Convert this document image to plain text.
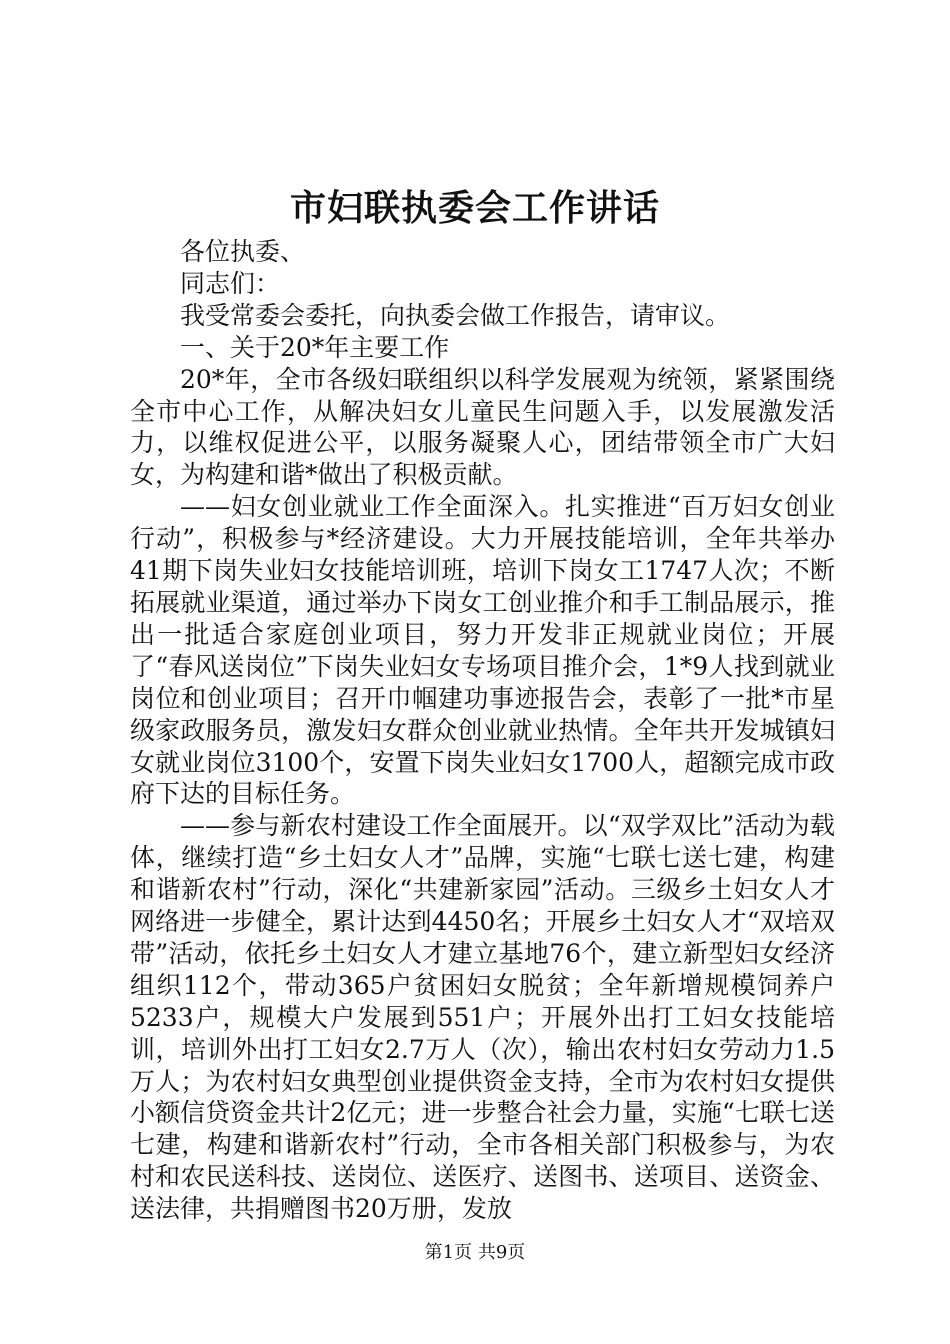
市妇联执委会工作讲话

各位执委、

同志们：

我受常委会委托，向执委会做工作报告，请审议。

一、关于20*年主要工作

20*年，全市各级妇联组织以科学发展观为统领，紧紧围绕全市中心工作，从解决妇女儿童民生问题入手，以发展激发活力，以维权促进公平，以服务凝聚人心，团结带领全市广大妇女，为构建和谐*做出了积极贡献。

——妇女创业就业工作全面深入。扎实推进“百万妇女创业行动”，积极参与*经济建设。大力开展技能培训，全年共举办41期下岗失业妇女技能培训班，培训下岗女工1747人次；不断拓展就业渠道，通过举办下岗女工创业推介和手工制品展示，推出一批适合家庭创业项目，努力开发非正规就业岗位；开展了“春风送岗位”下岗失业妇女专场项目推介会，1*9人找到就业岗位和创业项目；召开巾帼建功事迹报告会，表彰了一批*市星级家政服务员，激发妇女群众创业就业热情。全年共开发城镇妇女就业岗位3100个，安置下岗失业妇女1700人，超额完成市政府下达的目标任务。

——参与新农村建设工作全面展开。以“双学双比”活动为载体，继续打造“乡土妇女人才”品牌，实施“七联七送七建，构建和谐新农村”行动，深化“共建新家园”活动。三级乡土妇女人才网络进一步健全，累计达到4450名；开展乡土妇女人才“双培双带”活动，依托乡土妇女人才建立基地76个，建立新型妇女经济组织112个，带动365户贫困妇女脱贫；全年新增规模饲养户5233户，规模大户发展到551户；开展外出打工妇女技能培训，培训外出打工妇女2.7万人（次），输出农村妇女劳动力1.5万人；为农村妇女典型创业提供资金支持，全市为农村妇女提供小额信贷资金共计2亿元；进一步整合社会力量，实施“七联七送七建，构建和谐新农村”行动，全市各相关部门积极参与，为农村和农民送科技、送岗位、送医疗、送图书、送项目、送资金、送法律，共捐赠图书20万册，发放

第1页 共9页
